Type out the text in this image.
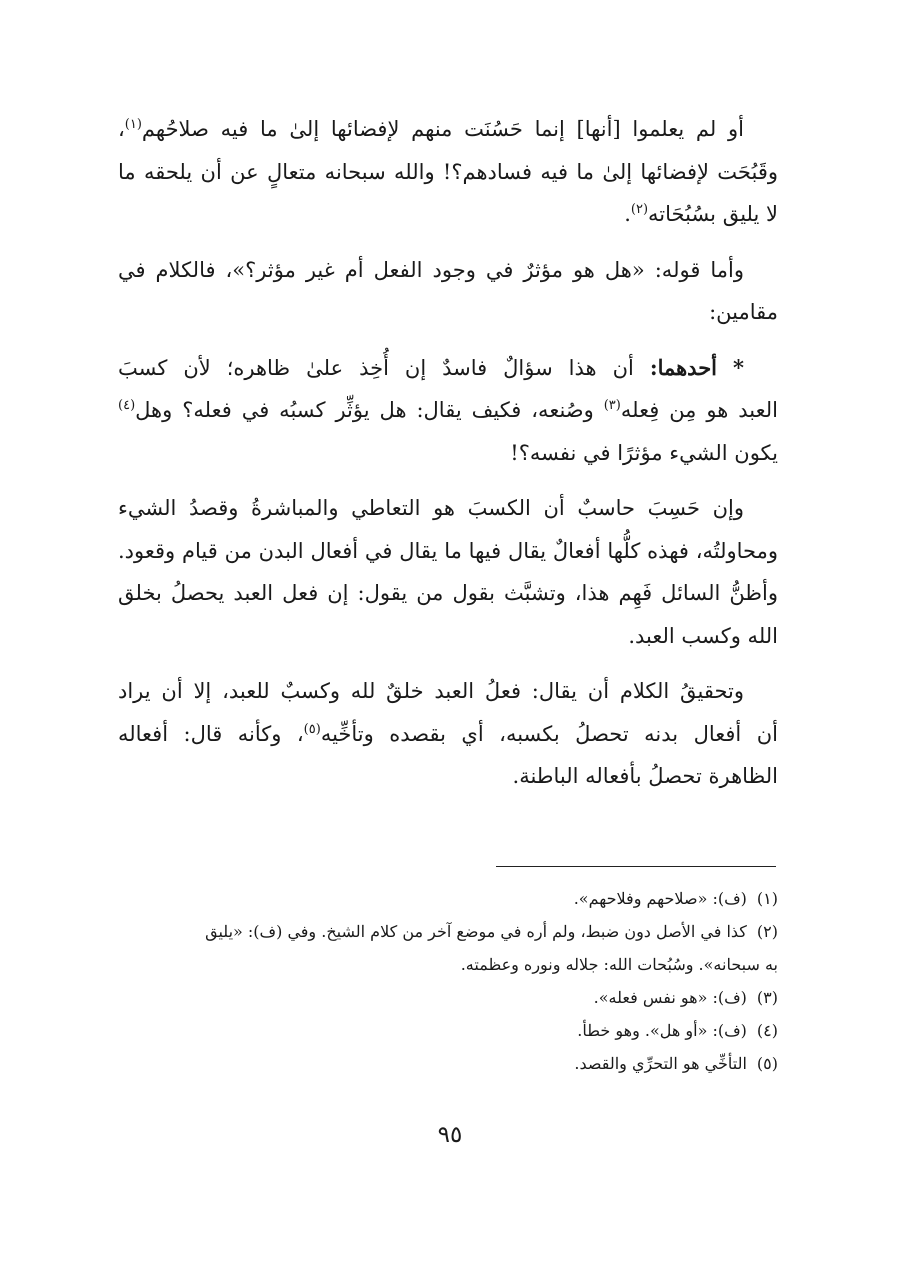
أو لم يعلموا [أنها] إنما حَسُنَت منهم لإفضائها إلىٰ ما فيه صلاحُهم$^{(١)}$،
وقَبُحَت لإفضائها إلىٰ ما فيه فسادهم؟! والله سبحانه متعالٍ عن أن يلحقه ما
لا يليق بسُبُحَاته$^{(٢)}$.

وأما قوله: «هل هو مؤثرٌ في وجود الفعل أم غير مؤثر؟»، فالكلام في
مقامين:

* أحدهما: أن هذا سؤالٌ فاسدٌ إن أُخِذ علىٰ ظاهره؛ لأن كسبَ
العبد هو مِن فِعله$^{(٣)}$ وصُنعه، فكيف يقال: هل يؤثِّر كسبُه في فعله؟ وهل$^{(٤)}$
يكون الشيء مؤثرًا في نفسه؟!

وإن حَسِبَ حاسبٌ أن الكسبَ هو التعاطي والمباشرةُ وقصدُ الشيء
ومحاولتُه، فهذه كلُّها أفعالٌ يقال فيها ما يقال في أفعال البدن من قيام وقعود.
وأظنُّ السائل فَهِم هذا، وتشبَّث بقول من يقول: إن فعل العبد يحصلُ بخلق
الله وكسب العبد.

وتحقيقُ الكلام أن يقال: فعلُ العبد خلقٌ لله وكسبٌ للعبد، إلا أن يراد
أن أفعال بدنه تحصلُ بكسبه، أي بقصده وتأخِّيه$^{(٥)}$، وكأنه قال: أفعاله
الظاهرة تحصلُ بأفعاله الباطنة.

(١)
(ف): «صلاحهم وفلاحهم».
(٢)
كذا في الأصل دون ضبط، ولم أره في موضع آخر من كلام الشيخ. وفي (ف): «يليق
به سبحانه». وسُبُحات الله: جلاله ونوره وعظمته.
(٣)
(ف): «هو نفس فعله».
(٤)
(ف): «أو هل». وهو خطأ.
(٥)
التأخِّي هو التحرِّي والقصد.
٩٥
